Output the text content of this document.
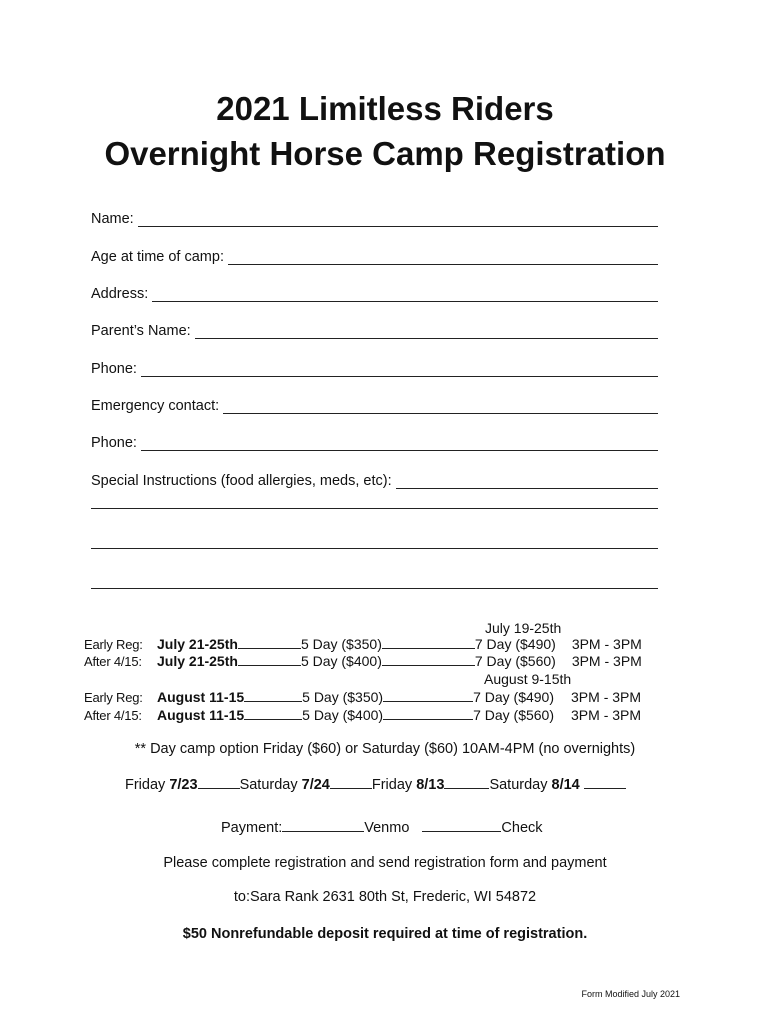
2021 Limitless Riders
Overnight Horse Camp Registration
Name:
Age at time of camp:
Address:
Parent’s Name:
Phone:
Emergency contact:
Phone:
Special Instructions (food allergies, meds, etc):
July 19-25th
Early Reg: July 21-25th	5 Day ($350)	7 Day ($490) 3PM - 3PM
After 4/15: July 21-25th	5 Day ($400)	7 Day ($560) 3PM - 3PM
August 9-15th
Early Reg: August 11-15	5 Day ($350)	7 Day ($490) 3PM - 3PM
After 4/15: August 11-15	5 Day ($400)	7 Day ($560) 3PM - 3PM
** Day camp option Friday ($60) or Saturday ($60) 10AM-4PM (no overnights)
Friday 7/23	Saturday 7/24	Friday 8/13	Saturday 8/14
Payment:	Venmo	Check
Please complete registration and send registration form and payment
to:Sara Rank 2631 80th St, Frederic, WI 54872
$50 Nonrefundable deposit required at time of registration.
Form Modified July 2021
